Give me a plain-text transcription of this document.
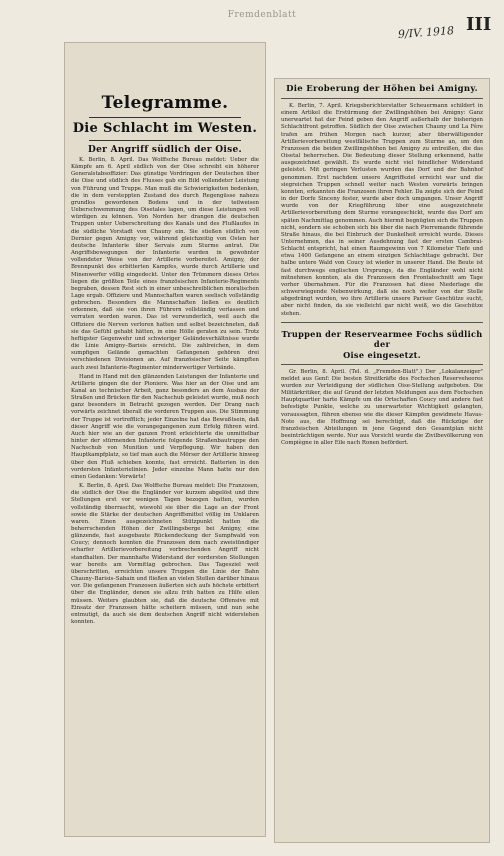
Fremdenblatt
9/IV. 1918 III
Telegramme.
Die Schlacht im Westen.
Der Angriff südlich der Oise.

K. Berlin, 8. April. Das Wolffsche Bureau meldet: Ueber die Kämpfe am 6. April südlich von der Oise schreibt ein höherer Generalstabsoffizier: Das günstige Vordringen der Deutschen über die Oise und südlich des Flusses gab ein Bild vollendeter Leistung von Führung und Truppe. Man muß die Schwierigkeiten bedenken, die in dem versteppten Zustand des durch Regengüsse nahezu grundlos gewordenen Bodens und in der teilweisen Ueberschwemmung des Oisetales lagen, um diese Leistungen voll würdigen zu können. Von Norden her drangen die deutschen Truppen unter Ueberschreitung des Kanals und des Flußlaufes in die südliche Vorstadt von Chauny ein. Sie stießen südlich von Dernier gegen Amigny vor, während gleichzeitig von Osten her deutsche Infanterie über Servais zum Sturme antrat. Die Angriffsbewegungen der Infanterie wurden in gewohnter vollendeter Weise von der Artillerie vorbereitet. Amigny, der Brennpunkt des erbitterten Kampfes, wurde durch Artillerie und Minenwerfer völlig eingedeckt. Unter den Trümmern dieses Ortes liegen die größten Teile eines französischen Infanterie-Regiments begraben, dessen Rest sich in einer unbeschreiblichen moralischen Lage ergab. Offiziere und Mannschaften waren seelisch vollständig gebrochen. Besonders die Mannschaften ließen es deutlich erkennen, daß sie von ihren Führern vollständig verlassen und verraten worden waren. Das ist verwunderlich, weil auch die Offiziere die Nerven verloren hatten und selbst bezeichneten, daß sie das Gefühl gehabt hätten, in eine Hölle geraten zu sein. Trotz heftigster Gegenwehr und schwieriger Geländeverhältnisse wurde die Linie Amigny–Barisis erreicht. Die zahlreichen, in dem sumpfigen Gelände gemachten Gefangenen gehören drei verschiedenen Divisionen an. Auf französischer Seite kämpften auch zwei Infanterie-Regimenter minderwertiger Verbände.

Hand in Hand mit den glänzenden Leistungen der Infanterie und Artillerie gingen die der Pioniere. Was hier an der Oise und am Kanal an technischer Arbeit, ganz besonders an dem Ausbau der Straßen und Brücken für den Nachschub geleistet wurde, muß noch ganz besonders in Betracht gezogen werden. Der Drang nach vorwärts zeichnet überall die vorderen Truppen aus. Die Stimmung der Truppe ist vortrefflich; jeder Einzelne hat das Bewußtsein, daß dieser Angriff wie die vorangegangenen zum Erfolg führen wird. Auch hier wie an der ganzen Front erleichterte die unmittelbar hinter der stürmenden Infanterie folgende Straßenbautruppe den Nachschub von Munition und Verpflegung. Wir haben den Hauptkampfplatz, so tief man auch die Mörser der Artillerie hinweg über den Fluß schieben konnte, fast erreicht. Batterien in den vordersten Infanterielinien. Jeder einzelne Mann hatte nur den einen Gedanken: Vorwärts!

K. Berlin, 8. April. Das Wolffsche Bureau meldet: Die Franzosen, die südlich der Oise die Engländer vor kurzem abgelöst und ihre Stellungen erst vor wenigen Tagen bezogen hatten, wurden vollständig überrascht, wiewohl sie über die Lage an der Front sowie die Stärke der deutschen Angriffsmittel völlig im Unklaren waren. Einen ausgezeichneten Stützpunkt hatten die beherrschenden Höhen der Zwillingsberge bei Amigny, eine glänzende, fast ausgebaute Rückendeckung der Sumpfwald von Coucy; dennoch konnten die Franzosen dem nach zweistündiger scharfer Artillerievorbereitung vorbrechenden Angriff nicht standhalten. Der mannhafte Widerstand der vordersten Stellungen war bereits am Vormittag gebrochen. Das Tagesziel weit überschritten, erreichten unsere Truppen die Linie der Bahn Chauny–Barisis–Sabain und fließen an vielen Stellen darüber hinaus vor. Die gefangenen Franzosen äußerten sich aufs höchste erbittert über die Engländer, denen sie allzu früh hatten zu Hilfe eilen müssen. Weiters glaubten sie, daß die deutsche Offensive mit Einsatz der Franzosen hätte scheitern müssen, und nun sehe entmutigt, da auch sie dem deutschen Angriff nicht widerstehen konnten.

Die Eroberung der Höhen bei Amigny.

K. Berlin, 7. April. Kriegsberichterstatter Scheuermann schildert in einem Artikel die Erstürmung der Zwillingshöhen bei Amigny: Ganz unerwartet hat der Feind geben den Angriff außerhalb der bisherigen Schlachtfront getroffen. Südlich der Oise zwischen Chauny und La Fère trafen am frühen Morgen nach kurzer, aber überwältigender Artillerievorbereitung westfälische Truppen zum Sturme an, um den Franzosen die beiden Zwillingshöhen bei Amigny zu entreißen, die das Oisetal beherrschen. Die Bedeutung dieser Stellung erkennend, hatte ausgezeichnet gewählt. Es wurde nicht viel feindlicher Widerstand geleistet. Mit geringen Verlusten wurden das Dorf und der Bahnhof genommen. Erst nachdem unsere Angriffsziel erreicht war und die siegreichen Truppen schnell weiter nach Westen vorwärts bringen konnten, erkannten die Franzosen ihren Fehler. Da zeigte sich der Feind in der Dorfe Sinceny fester, wurde aber doch umgangen. Unser Angriff wurde von der Kriegführung über eine ausgezeichnete Artillerievorbereitung dem Sturme vorangeschickt, wurde das Dorf am späten Nachmittag genommen. Auch hiermit begnügten sich die Truppen nicht, sondern sie schoben sich bis über die nach Pierremande führende Straße hinaus, die bei Einbruch der Dunkelheit erreicht wurde. Dieses Unternehmen, das in seiner Ausdehnung fast der ersten Cambrai-Schlacht entspricht, hat einen Raumgewinn von 7 Kilometer Tiefe und etwa 1400 Gefangene an einem einzigen Schlachttage gebracht. Der halbe untere Wald von Coucy ist wieder in unserer Hand. Die Beute ist fast durchwegs englischen Ursprungs, da die Engländer wohl nicht mitnehmen konnten, als die Franzosen den Frontabschnitt am Tage vorher übernahmen. Für die Franzosen hat diese Niederlage die schwerwiegende Nebenwirkung, daß sie noch weiter von der Stelle abgedrängt wurden, wo ihre Artillerie unsere Pariser Geschütze sucht, aber nicht finden, da sie vielleicht gar nicht weiß, wo die Geschütze stehen.

Truppen der Reservearmee Fochs südlich der
Oise eingesetzt.

Gr. Berlin, 8. April. (Tel. d. „Fremden-Blatt".) Der „Lokalanzeiger" meldet aus Genf: Die besten Streitkräfte des Fochschen Reserveheeres wurden zur Verteidigung der südlichen Oise-Stellung aufgeboten. Die Militärkritiker, die auf Grund der letzten Meldungen aus dem Fochschen Hauptquartier harte Kämpfe um die Ortschaften Coucy und andere fast befestigte Punkte, welche zu unerwarteter Wichtigkeit gelangten, voraussagten, führen ebenso wie die dieser Kämpfen gewidmete Havas-Note aus, die Hoffnung sei berechtigt, daß die Rückzüge der französischen Abteilungen in jene Gegend den Gesamtplan nicht beeinträchtigen werde. Nur aus Vorsicht wurde die Zivilbevölkerung von Compiègne in aller Eile nach Ronen befördert.
